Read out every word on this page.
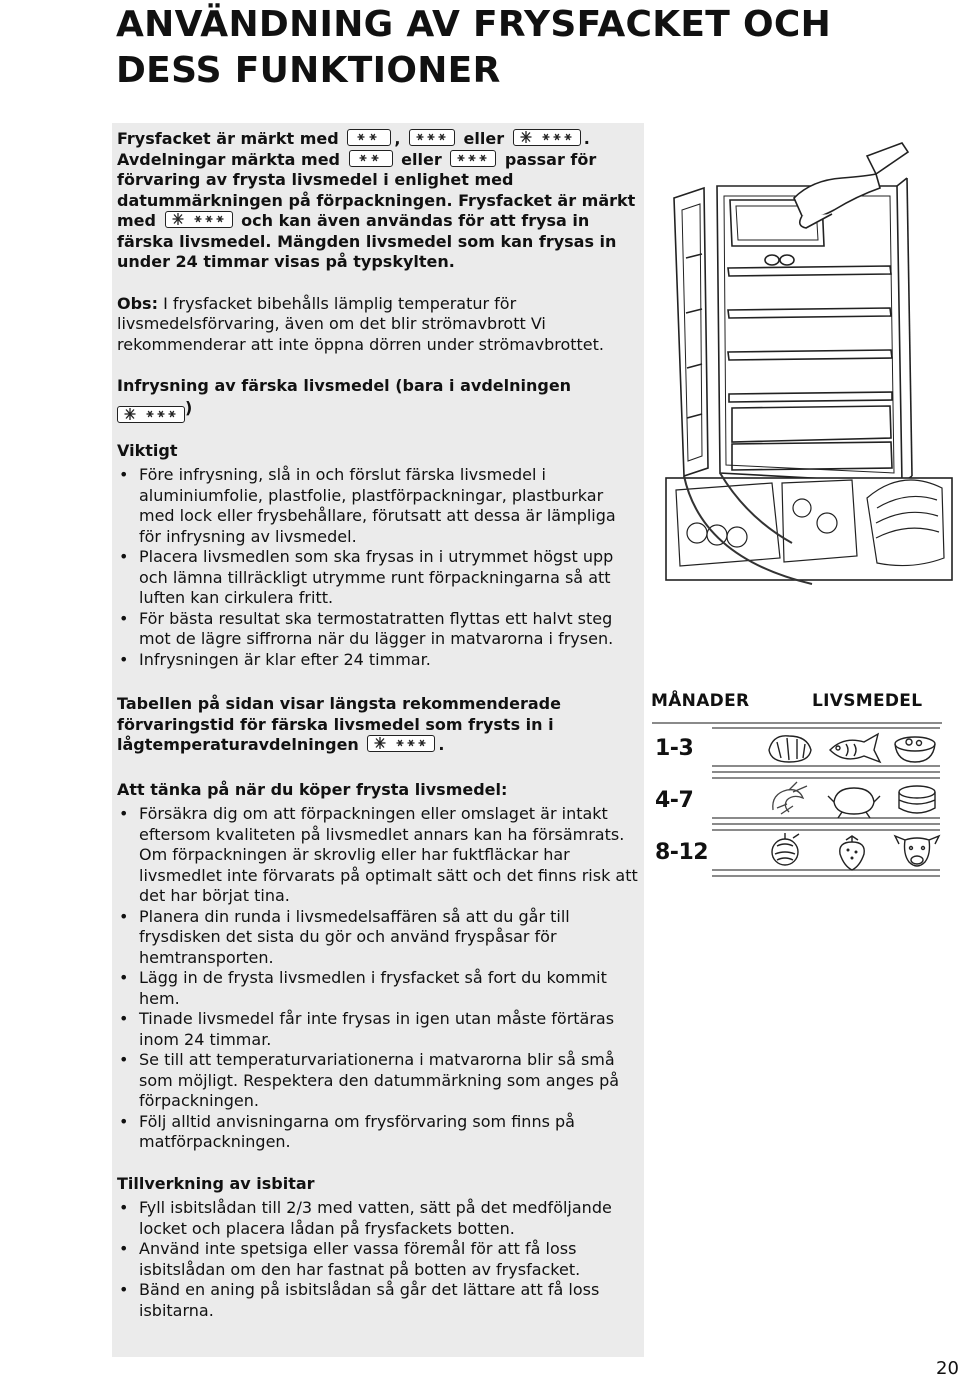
ANVÄNDNING AV FRYSFACKET OCH
DESS FUNKTIONER

Frysfacket är märkt med	,	eller	. Avdelningar märkta med	eller	passar för förvaring av frysta livsmedel i enlighet med datummärkningen på förpackningen. Frysfacket är märkt med	och kan även användas för att frysa in färska livsmedel. Mängden livsmedel som kan frysas in under 24 timmar visas på typskylten.

Obs: I frysfacket bibehålls lämplig temperatur för livsmedelsförvaring, även om det blir strömavbrott Vi rekommenderar att inte öppna dörren under strömavbrottet.

Infrysning av färska livsmedel (bara i avdelningen

)

Viktigt

• Före infrysning, slå in och förslut färska livsmedel i aluminiumfolie, plastfolie, plastförpackningar, plastburkar med lock eller frysbehållare, förutsatt att dessa är lämpliga för infrysning av livsmedel.
• Placera livsmedlen som ska frysas in i utrymmet högst upp och lämna tillräckligt utrymme runt förpackningarna så att luften kan cirkulera fritt.
• För bästa resultat ska termostatratten flyttas ett halvt steg mot de lägre siffrorna när du lägger in matvarorna i frysen.
• Infrysningen är klar efter 24 timmar.

Tabellen på sidan visar längsta rekommenderade förvaringstid för färska livsmedel som frysts in i lågtemperaturavdelningen	.

Att tänka på när du köper frysta livsmedel:

• Försäkra dig om att förpackningen eller omslaget är intakt eftersom kvaliteten på livsmedlet annars kan ha försämrats. Om förpackningen är skrovlig eller har fuktfläckar har livsmedlet inte förvarats på optimalt sätt och det finns risk att det har börjat tina.
• Planera din runda i livsmedelsaffären så att du går till frysdisken det sista du gör och använd fryspåsar för hemtransporten.
• Lägg in de frysta livsmedlen i frysfacket så fort du kommit hem.
• Tinade livsmedel får inte frysas in igen utan måste förtäras inom 24 timmar.
• Se till att temperaturvariationerna i matvarorna blir så små som möjligt. Respektera den datummärkning som anges på förpackningen.
• Följ alltid anvisningarna om frysförvaring som finns på matförpackningen.

Tillverkning av isbitar

• Fyll isbitslådan till 2/3 med vatten, sätt på det medföljande locket och placera lådan på frysfackets botten.
• Använd inte spetsiga eller vassa föremål för att få loss isbitslådan om den har fastnat på botten av frysfacket.
• Bänd en aning på isbitslådan så går det lättare att få loss isbitarna.
MÅNADER	LIVSMEDEL
1-3
4-7
8-12
20
